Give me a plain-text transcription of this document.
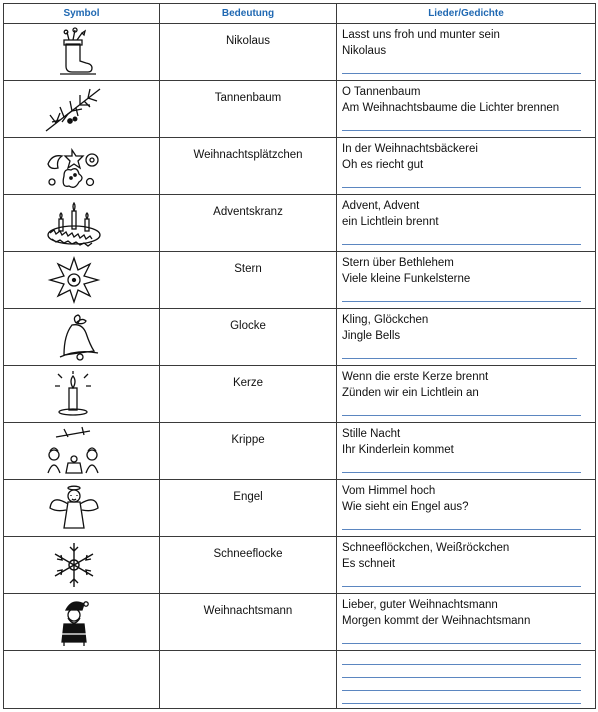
Symbol	Bedeutung	Lieder/Gedichte

Nikolaus	Lasst uns froh und munter sein
Nikolaus

Tannenbaum	O Tannenbaum
Am Weihnachtsbaume die Lichter brennen

Weihnachtsplätzchen	In der Weihnachtsbäckerei
Oh es riecht gut

Adventskranz	Advent, Advent
ein Lichtlein brennt

Stern	Stern über Bethlehem
Viele kleine Funkelsterne

Glocke	Kling, Glöckchen
Jingle Bells

Kerze	Wenn die erste Kerze brennt
Zünden wir ein Lichtlein an

Krippe	Stille Nacht
Ihr Kinderlein kommet

Engel	Vom Himmel hoch
Wie sieht ein Engel aus?

Schneeflocke	Schneeflöckchen, Weißröckchen
Es schneit

Weihnachtsmann	Lieber, guter Weihnachtsmann
Morgen kommt der Weihnachtsmann
